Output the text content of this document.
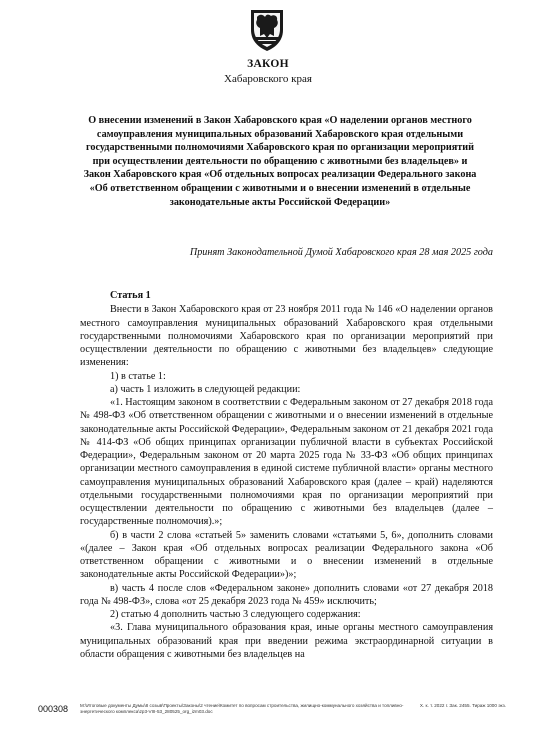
ЗАКОН
Хабаровского края
О внесении изменений в Закон Хабаровского края «О наделении органов местного самоуправления муниципальных образований Хабаровского края отдельными государственными полномочиями Хабаровского края по организации мероприятий при осуществлении деятельности по обращению с животными без владельцев» и Закон Хабаровского края «Об отдельных вопросах реализации Федерального закона «Об ответственном обращении с животными и о внесении изменений в отдельные законодательные акты Российской Федерации»
Принят Законодательной Думой Хабаровского края 28 мая 2025 года

Статья 1

Внести в Закон Хабаровского края от 23 ноября 2011 года № 146 «О наделении органов местного самоуправления муниципальных образований Хабаровского края отдельными государственными полномочиями Хабаровского края по организации мероприятий при осуществлении деятельности по обращению с животными без владельцев» следующие изменения:

1) в статье 1:

а) часть 1 изложить в следующей редакции:

«1. Настоящим законом в соответствии с Федеральным законом от 27 декабря 2018 года № 498-ФЗ «Об ответственном обращении с животными и о внесении изменений в отдельные законодательные акты Российской Федерации», Федеральным законом от 21 декабря 2021 года № 414-ФЗ «Об общих принципах организации публичной власти в субъектах Российской Федерации», Федеральным законом от 20 марта 2025 года № 33-ФЗ «Об общих принципах организации местного самоуправления в единой системе публичной власти» органы местного самоуправления муниципальных образований Хабаровского края (далее – край) наделяются отдельными государственными полномочиями края по организации мероприятий при осуществлении деятельности по обращению с животными без владельцев (далее – государственные полномочия).»;

б) в части 2 слова «статьей 5» заменить словами «статьями 5, 6», дополнить словами «(далее – Закон края «Об отдельных вопросах реализации Федерального закона «Об ответственном обращении с животными и о внесении изменений в отдельные законодательные акты Российской Федерации»)»;

в) часть 4 после слов «Федеральном законе» дополнить словами «от 27 декабря 2018 года № 498-ФЗ», слова «от 25 декабря 2023 года № 459» исключить;

2) статью 4 дополнить частью 3 следующего содержания:

«3. Глава муниципального образования края, иные органы местного самоуправления муниципальных образований края при введении режима экстраординарной ситуации в области обращения с животными без владельцев на

000308	M:\Итоговые документы Думы\8 созыв\Проекты\Законы\2 чтение\Комитет по вопросам строительства, жилищно-коммунального хозяйства и топливно-энергетического комплекса\zp3-VIII-53_280525_org_izm03.doc
Х. к. т. 2022 г. Зак. 2455. Тираж 1000 экз.
